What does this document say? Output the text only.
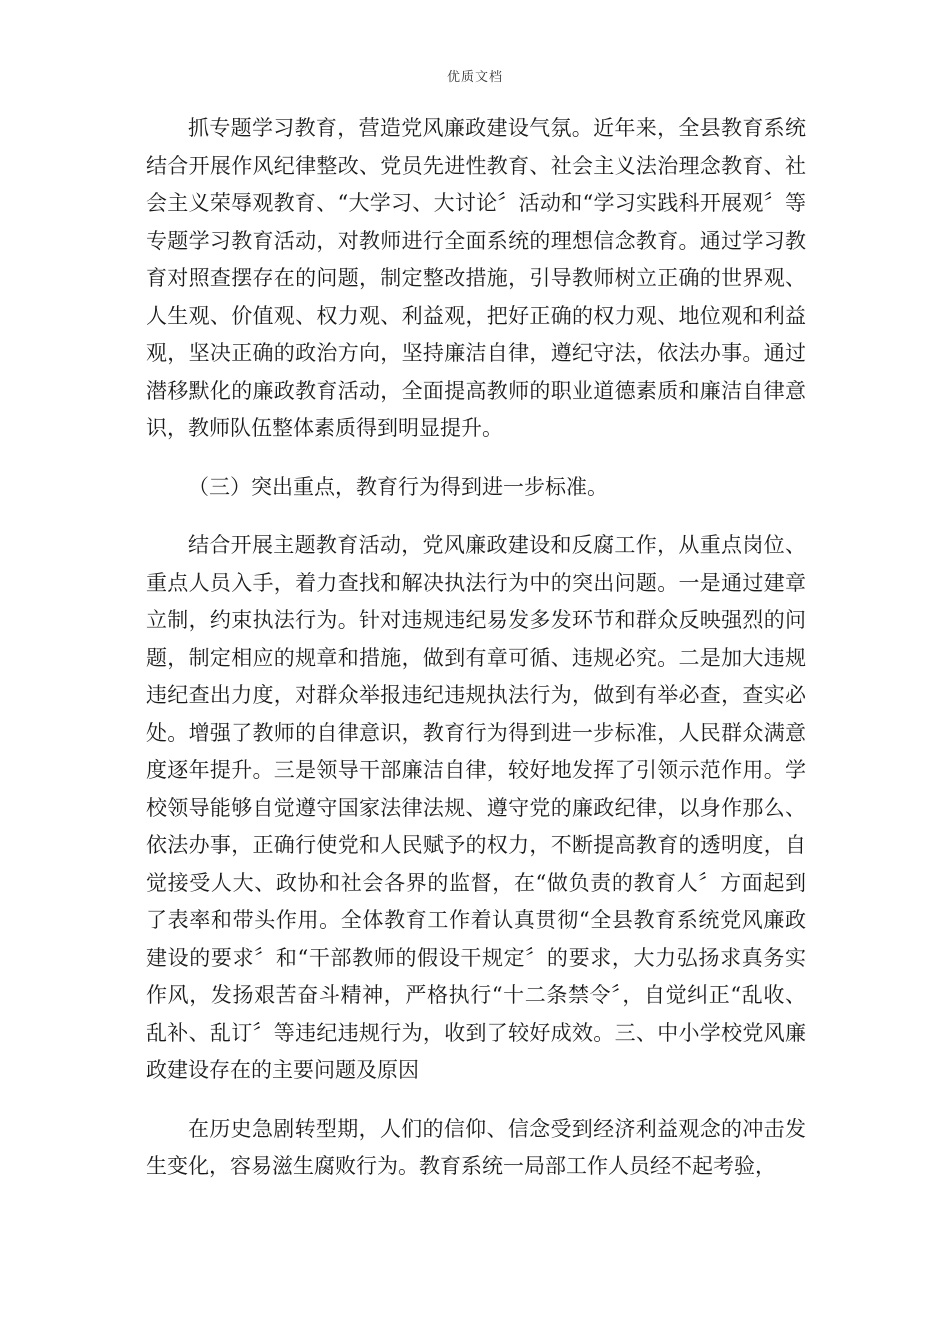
优质文档

抓专题学习教育，营造党风廉政建设气氛。近年来，全县教育系统结合开展作风纪律整改、党员先进性教育、社会主义法治理念教育、社会主义荣辱观教育、“大学习、大讨论〞活动和“学习实践科开展观〞等专题学习教育活动，对教师进行全面系统的理想信念教育。通过学习教育对照查摆存在的问题，制定整改措施，引导教师树立正确的世界观、人生观、价值观、权力观、利益观，把好正确的权力观、地位观和利益观，坚决正确的政治方向，坚持廉洁自律，遵纪守法，依法办事。通过潜移默化的廉政教育活动，全面提高教师的职业道德素质和廉洁自律意识，教师队伍整体素质得到明显提升。

（三）突出重点，教育行为得到进一步标准。

结合开展主题教育活动，党风廉政建设和反腐工作，从重点岗位、重点人员入手，着力查找和解决执法行为中的突出问题。一是通过建章立制，约束执法行为。针对违规违纪易发多发环节和群众反映强烈的问题，制定相应的规章和措施，做到有章可循、违规必究。二是加大违规违纪查出力度，对群众举报违纪违规执法行为，做到有举必查，查实必处。增强了教师的自律意识，教育行为得到进一步标准，人民群众满意度逐年提升。三是领导干部廉洁自律，较好地发挥了引领示范作用。学校领导能够自觉遵守国家法律法规、遵守党的廉政纪律，以身作那么、依法办事，正确行使党和人民赋予的权力，不断提高教育的透明度，自觉接受人大、政协和社会各界的监督，在“做负责的教育人〞方面起到了表率和带头作用。全体教育工作着认真贯彻“全县教育系统党风廉政建设的要求〞和“干部教师的假设干规定〞的要求，大力弘扬求真务实作风，发扬艰苦奋斗精神，严格执行“十二条禁令〞，自觉纠正“乱收、乱补、乱订〞等违纪违规行为，收到了较好成效。三、中小学校党风廉政建设存在的主要问题及原因

在历史急剧转型期，人们的信仰、信念受到经济利益观念的冲击发生变化，容易滋生腐败行为。教育系统一局部工作人员经不起考验，
